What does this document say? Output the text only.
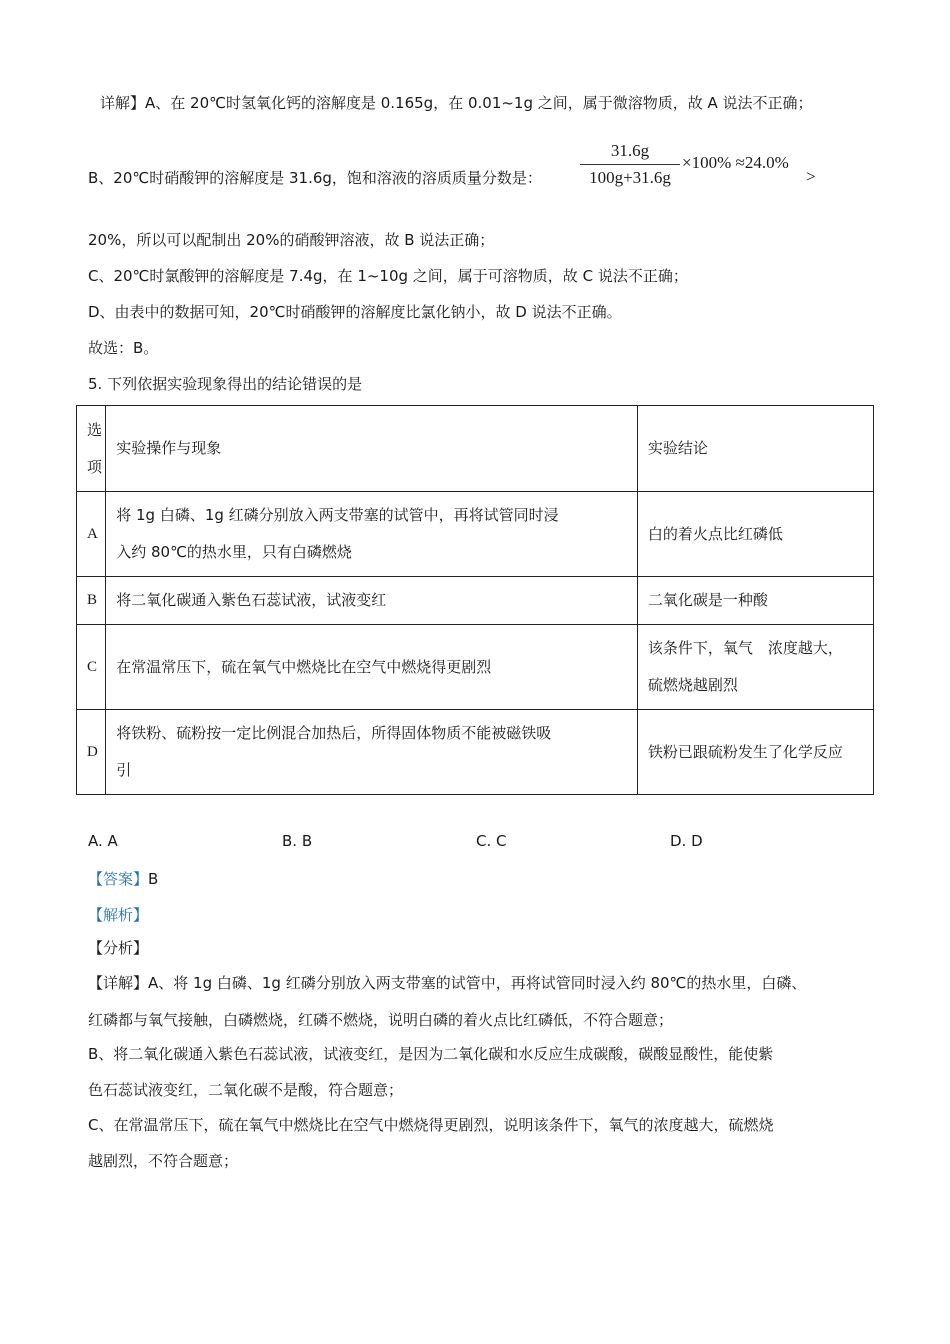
详解】A、在 20℃时氢氧化钙的溶解度是 0.165g，在 0.01~1g 之间，属于微溶物质，故 A 说法不正确；
B、20℃时硝酸钾的溶解度是 31.6g，饱和溶液的溶质质量分数是：
31.6g
100g+31.6g
×100% ≈24.0%
>
20%，所以可以配制出 20%的硝酸钾溶液，故 B 说法正确；
C、20℃时氯酸钾的溶解度是 7.4g，在 1~10g 之间，属于可溶物质，故 C 说法不正确；
D、由表中的数据可知，20℃时硝酸钾的溶解度比氯化钠小，故 D 说法不正确。
故选：B。
5. 下列依据实验现象得出的结论错误的是
选
项	实验操作与现象	实验结论
A	将 1g 白磷、1g 红磷分别放入两支带塞的试管中，再将试管同时浸
入约 80℃的热水里，只有白磷燃烧	白的着火点比红磷低
B	将二氧化碳通入紫色石蕊试液，试液变红	二氧化碳是一种酸
C	在常温常压下，硫在氧气中燃烧比在空气中燃烧得更剧烈	该条件下，氧气　浓度越大，
硫燃烧越剧烈

D	将铁粉、硫粉按一定比例混合加热后，所得固体物质不能被磁铁吸
引	铁粉已跟硫粉发生了化学反应
A. A	B. B	C. C	D. D
【答案】B
【解析】
【分析】
【详解】A、将 1g 白磷、1g 红磷分别放入两支带塞的试管中，再将试管同时浸入约 80℃的热水里，白磷、
红磷都与氧气接触，白磷燃烧，红磷不燃烧，说明白磷的着火点比红磷低，不符合题意；
B、将二氧化碳通入紫色石蕊试液，试液变红，是因为二氧化碳和水反应生成碳酸，碳酸显酸性，能使紫
色石蕊试液变红，二氧化碳不是酸，符合题意；
C、在常温常压下，硫在氧气中燃烧比在空气中燃烧得更剧烈，说明该条件下，氧气的浓度越大，硫燃烧
越剧烈，不符合题意；
